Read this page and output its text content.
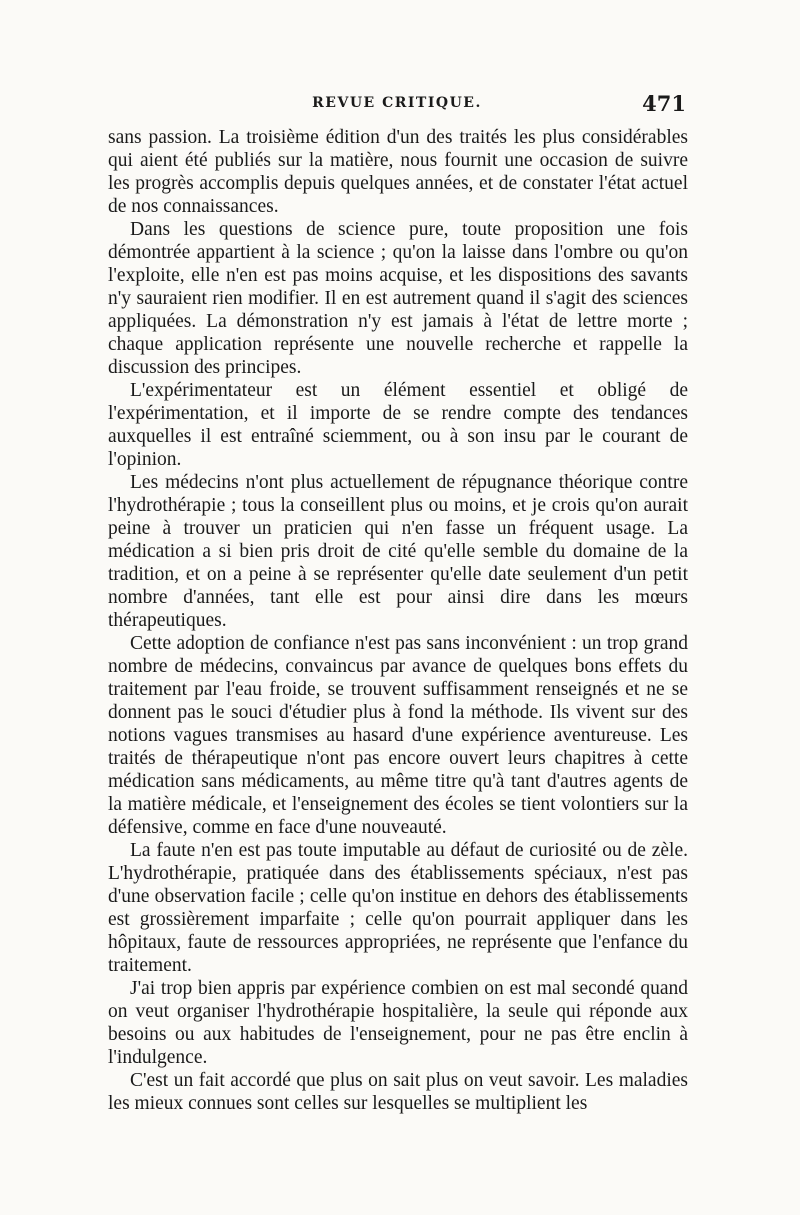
REVUE CRITIQUE.	471

sans passion. La troisième édition d'un des traités les plus considérables qui aient été publiés sur la matière, nous fournit une occasion de suivre les progrès accomplis depuis quelques années, et de constater l'état actuel de nos connaissances.

Dans les questions de science pure, toute proposition une fois démontrée appartient à la science ; qu'on la laisse dans l'ombre ou qu'on l'exploite, elle n'en est pas moins acquise, et les dispositions des savants n'y sauraient rien modifier. Il en est autrement quand il s'agit des sciences appliquées. La démonstration n'y est jamais à l'état de lettre morte ; chaque application représente une nouvelle recherche et rappelle la discussion des principes.

L'expérimentateur est un élément essentiel et obligé de l'expérimentation, et il importe de se rendre compte des tendances auxquelles il est entraîné sciemment, ou à son insu par le courant de l'opinion.

Les médecins n'ont plus actuellement de répugnance théorique contre l'hydrothérapie ; tous la conseillent plus ou moins, et je crois qu'on aurait peine à trouver un praticien qui n'en fasse un fréquent usage. La médication a si bien pris droit de cité qu'elle semble du domaine de la tradition, et on a peine à se représenter qu'elle date seulement d'un petit nombre d'années, tant elle est pour ainsi dire dans les mœurs thérapeutiques.

Cette adoption de confiance n'est pas sans inconvénient : un trop grand nombre de médecins, convaincus par avance de quelques bons effets du traitement par l'eau froide, se trouvent suffisamment renseignés et ne se donnent pas le souci d'étudier plus à fond la méthode. Ils vivent sur des notions vagues transmises au hasard d'une expérience aventureuse. Les traités de thérapeutique n'ont pas encore ouvert leurs chapitres à cette médication sans médicaments, au même titre qu'à tant d'autres agents de la matière médicale, et l'enseignement des écoles se tient volontiers sur la défensive, comme en face d'une nouveauté.

La faute n'en est pas toute imputable au défaut de curiosité ou de zèle. L'hydrothérapie, pratiquée dans des établissements spéciaux, n'est pas d'une observation facile ; celle qu'on institue en dehors des établissements est grossièrement imparfaite ; celle qu'on pourrait appliquer dans les hôpitaux, faute de ressources appropriées, ne représente que l'enfance du traitement.

J'ai trop bien appris par expérience combien on est mal secondé quand on veut organiser l'hydrothérapie hospitalière, la seule qui réponde aux besoins ou aux habitudes de l'enseignement, pour ne pas être enclin à l'indulgence.

C'est un fait accordé que plus on sait plus on veut savoir. Les maladies les mieux connues sont celles sur lesquelles se multiplient les
